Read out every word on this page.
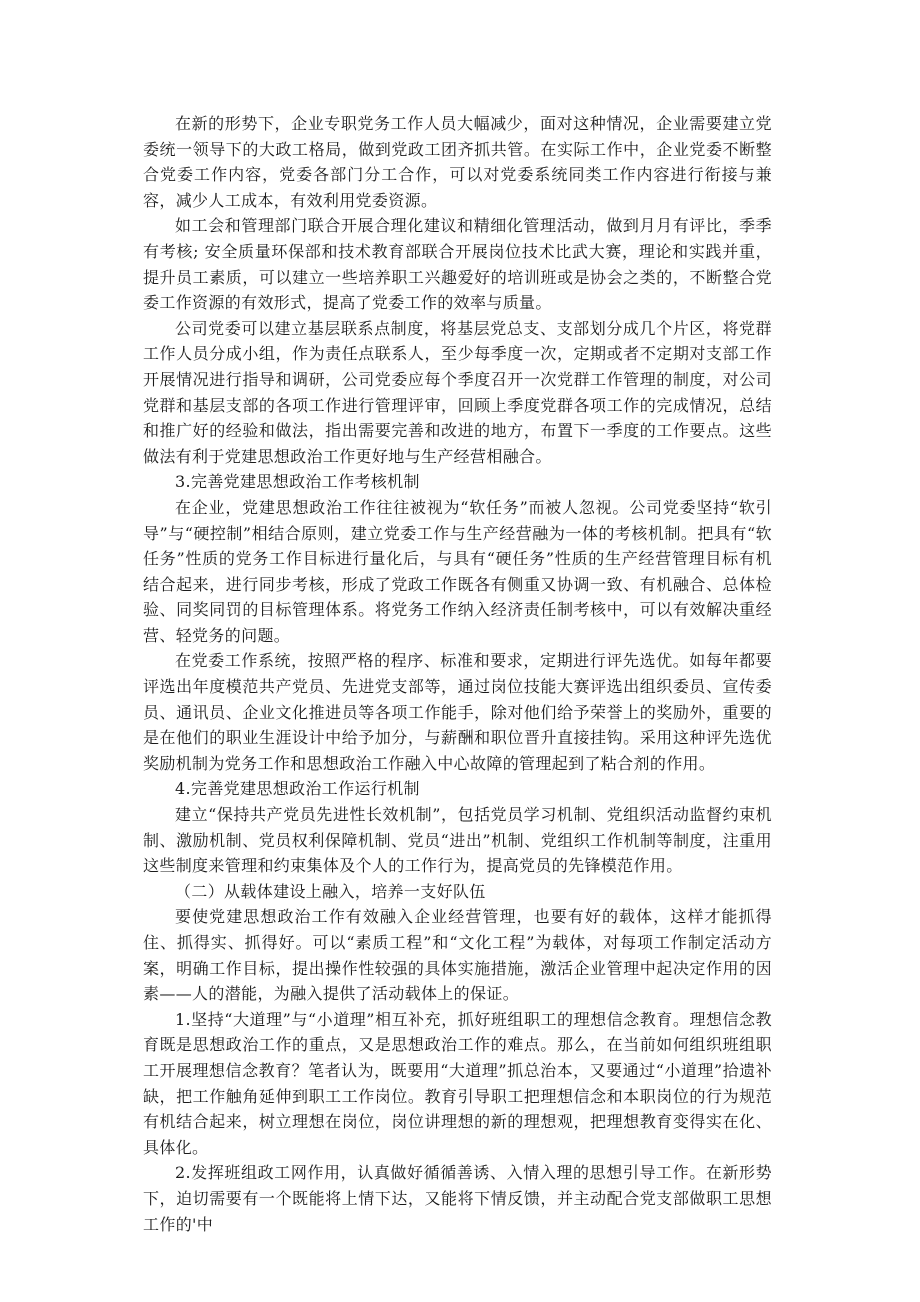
在新的形势下，企业专职党务工作人员大幅减少，面对这种情况，企业需要建立党委统一领导下的大政工格局，做到党政工团齐抓共管。在实际工作中，企业党委不断整合党委工作内容，党委各部门分工合作，可以对党委系统同类工作内容进行衔接与兼容，减少人工成本，有效利用党委资源。

如工会和管理部门联合开展合理化建议和精细化管理活动，做到月月有评比，季季有考核; 安全质量环保部和技术教育部联合开展岗位技术比武大赛，理论和实践并重，提升员工素质，可以建立一些培养职工兴趣爱好的培训班或是协会之类的，不断整合党委工作资源的有效形式，提高了党委工作的效率与质量。

公司党委可以建立基层联系点制度，将基层党总支、支部划分成几个片区，将党群工作人员分成小组，作为责任点联系人，至少每季度一次，定期或者不定期对支部工作开展情况进行指导和调研，公司党委应每个季度召开一次党群工作管理的制度，对公司党群和基层支部的各项工作进行管理评审，回顾上季度党群各项工作的完成情况，总结和推广好的经验和做法，指出需要完善和改进的地方，布置下一季度的工作要点。这些做法有利于党建思想政治工作更好地与生产经营相融合。

3.完善党建思想政治工作考核机制

在企业，党建思想政治工作往往被视为“软任务”而被人忽视。公司党委坚持“软引导”与“硬控制”相结合原则，建立党委工作与生产经营融为一体的考核机制。把具有“软任务”性质的党务工作目标进行量化后，与具有“硬任务”性质的生产经营管理目标有机结合起来，进行同步考核，形成了党政工作既各有侧重又协调一致、有机融合、总体检验、同奖同罚的目标管理体系。将党务工作纳入经济责任制考核中，可以有效解决重经营、轻党务的问题。

在党委工作系统，按照严格的程序、标准和要求，定期进行评先选优。如每年都要评选出年度模范共产党员、先进党支部等，通过岗位技能大赛评选出组织委员、宣传委员、通讯员、企业文化推进员等各项工作能手，除对他们给予荣誉上的奖励外，重要的是在他们的职业生涯设计中给予加分，与薪酬和职位晋升直接挂钩。采用这种评先选优奖励机制为党务工作和思想政治工作融入中心故障的管理起到了粘合剂的作用。

4.完善党建思想政治工作运行机制

建立“保持共产党员先进性长效机制”，包括党员学习机制、党组织活动监督约束机制、激励机制、党员权利保障机制、党员“进出”机制、党组织工作机制等制度，注重用这些制度来管理和约束集体及个人的工作行为，提高党员的先锋模范作用。

（二）从载体建设上融入，培养一支好队伍

要使党建思想政治工作有效融入企业经营管理，也要有好的载体，这样才能抓得住、抓得实、抓得好。可以“素质工程”和“文化工程”为载体，对每项工作制定活动方案，明确工作目标，提出操作性较强的具体实施措施，激活企业管理中起决定作用的因素——人的潜能，为融入提供了活动载体上的保证。

1.坚持“大道理”与“小道理”相互补充，抓好班组职工的理想信念教育。理想信念教育既是思想政治工作的重点，又是思想政治工作的难点。那么，在当前如何组织班组职工开展理想信念教育？笔者认为，既要用“大道理”抓总治本，又要通过“小道理”拾遗补缺，把工作触角延伸到职工工作岗位。教育引导职工把理想信念和本职岗位的行为规范有机结合起来，树立理想在岗位，岗位讲理想的新的理想观，把理想教育变得实在化、具体化。

2.发挥班组政工网作用，认真做好循循善诱、入情入理的思想引导工作。在新形势下，迫切需要有一个既能将上情下达，又能将下情反馈，并主动配合党支部做职工思想工作的'中
